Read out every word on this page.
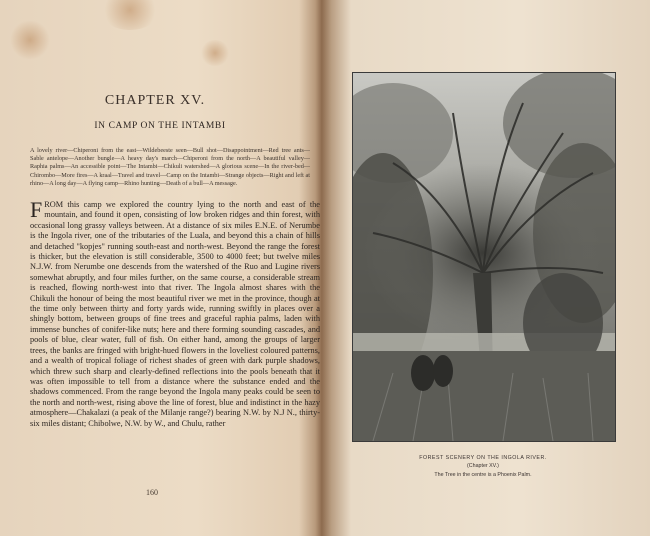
CHAPTER XV.
IN CAMP ON THE INTAMBI
A lovely river—Chiperoni from the east—Wildebeeste seen—Bull shot—Disappointment—Red tree ants—Sable antelope—Another bungle—A heavy day's march—Chiperoni from the north—A beautiful valley—Raphia palms—An accessible point—The Intambi—Chikuli watershed—A glorious scene—In the river-bed—Chirombo—More fires—A kraal—Travel and travel—Camp on the Intambi—Strange objects—Right and left at rhino—A long day—A flying camp—Rhino hunting—Death of a bull—A message.
FROM this camp we explored the country lying to the north and east of the mountain, and found it open, consisting of low broken ridges and thin forest, with occasional long grassy valleys between. At a distance of six miles E.N.E. of Nerumbe is the Ingola river, one of the tributaries of the Luala, and beyond this a chain of hills and detached "kopjes" running south-east and north-west. Beyond the range the forest is thicker, but the elevation is still considerable, 3500 to 4000 feet; but twelve miles N.J.W. from Nerumbe one descends from the watershed of the Ruo and Lugine rivers somewhat abruptly, and four miles further, on the same course, a considerable stream is reached, flowing north-west into that river. The Ingola almost shares with the Chikuli the honour of being the most beautiful river we met in the province, though at the time only between thirty and forty yards wide, running swiftly in places over a shingly bottom, between groups of fine trees and graceful raphia palms, laden with immense bunches of conifer-like nuts; here and there forming sounding cascades, and pools of blue, clear water, full of fish. On either hand, among the groups of larger trees, the banks are fringed with bright-hued flowers in the loveliest coloured patterns, and a wealth of tropical foliage of richest shades of green with dark purple shadows, which threw such sharp and clearly-defined reflections into the pools beneath that it was often impossible to tell from a distance where the substance ended and the shadows commenced. From the range beyond the Ingola many peaks could be seen to the north and north-west, rising above the line of forest, blue and indistinct in the hazy atmosphere—Chakalazi (a peak of the Milanje range?) bearing N.W. by N.J N., thirty-six miles distant; Chibolwe, N.W. by W., and Chulu, rather
160
FOREST SCENERY ON THE INGOLA RIVER.
(Chapter XV.)
The Tree in the centre is a Phoenix Palm.
